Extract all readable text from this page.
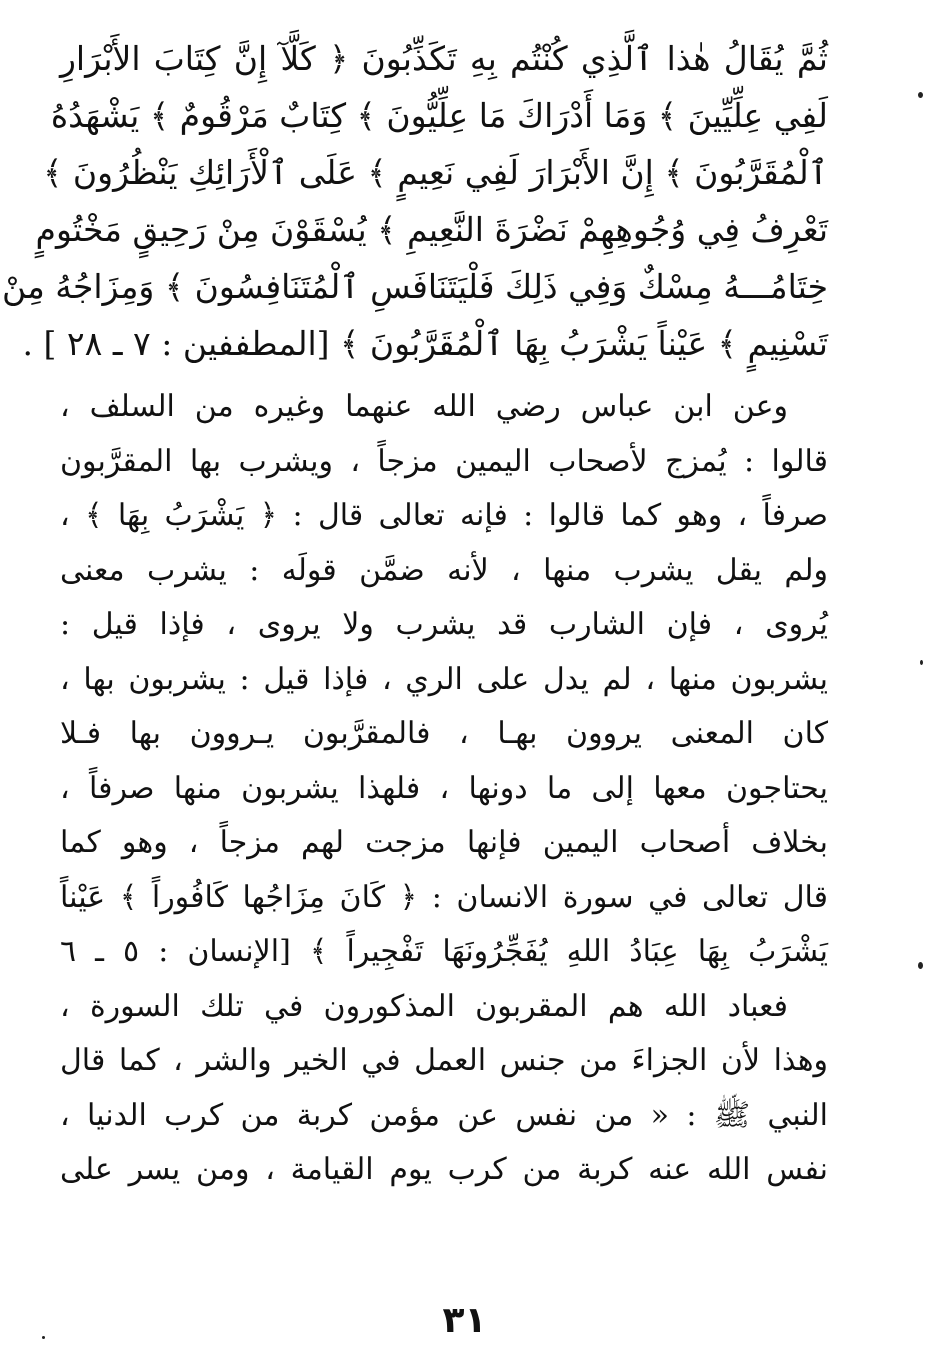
ثُمَّ يُقَالُ هٰذا ٱلَّذِي كُنْتُم بِهِ تَكَذِّبُونَ ﴿ كَلَّآ إِنَّ كِتَابَ الأَبْرَارِ
لَفِي عِلِّيِّينَ ﴾ وَمَا أَدْرَاكَ مَا عِلِّيُّونَ ﴾ كِتَابٌ مَرْقُومٌ ﴾ يَشْهَدُهُ
ٱلْمُقَرَّبُونَ ﴾ إِنَّ الأَبْرَارَ لَفِي نَعِيمٍ ﴾ عَلَى ٱلْأَرَائِكِ يَنْظُرُونَ ﴾
تَعْرِفُ فِي وُجُوهِهِمْ نَضْرَةَ النَّعِيمِ ﴾ يُسْقَوْنَ مِنْ رَحِيقٍ مَخْتُومٍ
خِتَامُـــهُ مِسْكٌ وَفِي ذَلِكَ فَلْيَتَنَافَسِ ٱلْمُتَنَافِسُونَ ﴾ وَمِزَاجُهُ مِنْ
تَسْنِيمٍ ﴾ عَيْناً يَشْرَبُ بِهَا ٱلْمُقَرَّبُونَ ﴾ [المطففين : ٧ ـ ٢٨ ] .
وعن ابن عباس رضي الله عنهما وغيره من السلف ،
قالوا : يُمزج لأصحاب اليمين مزجاً ، ويشرب بها المقرَّبون
صرفاً ، وهو كما قالوا : فإنه تعالى قال : ﴿ يَشْرَبُ بِهَا ﴾ ،
ولم يقل يشرب منها ، لأنه ضمَّن قولَه : يشرب معنى
يُروى ، فإن الشارب قد يشرب ولا يروى ، فإذا قيل :
يشربون منها ، لم يدل على الري ، فإذا قيل : يشربون بها ،
كان المعنى يروون بهـا ، فالمقرَّبون يـروون بها فـلا
يحتاجون معها إلى ما دونها ، فلهذا يشربون منها صرفاً ،
بخلاف أصحاب اليمين فإنها مزجت لهم مزجاً ، وهو كما
قال تعالى في سورة الانسان : ﴿ كَانَ مِزَاجُها كَافُوراً ﴾ عَيْناً
يَشْرَبُ بِهَا عِبَادُ اللهِ يُفَجِّرُونَهَا تَفْجِيراً ﴾ [الإنسان : ٥ ـ ٦
فعباد الله هم المقربون المذكورون في تلك السورة ،
وهذا لأن الجزاءَ من جنس العمل في الخير والشر ، كما قال
النبي ﷺ : « من نفس عن مؤمن كربة من كرب الدنيا ،
نفس الله عنه كربة من كرب يوم القيامة ، ومن يسر على
٣١
